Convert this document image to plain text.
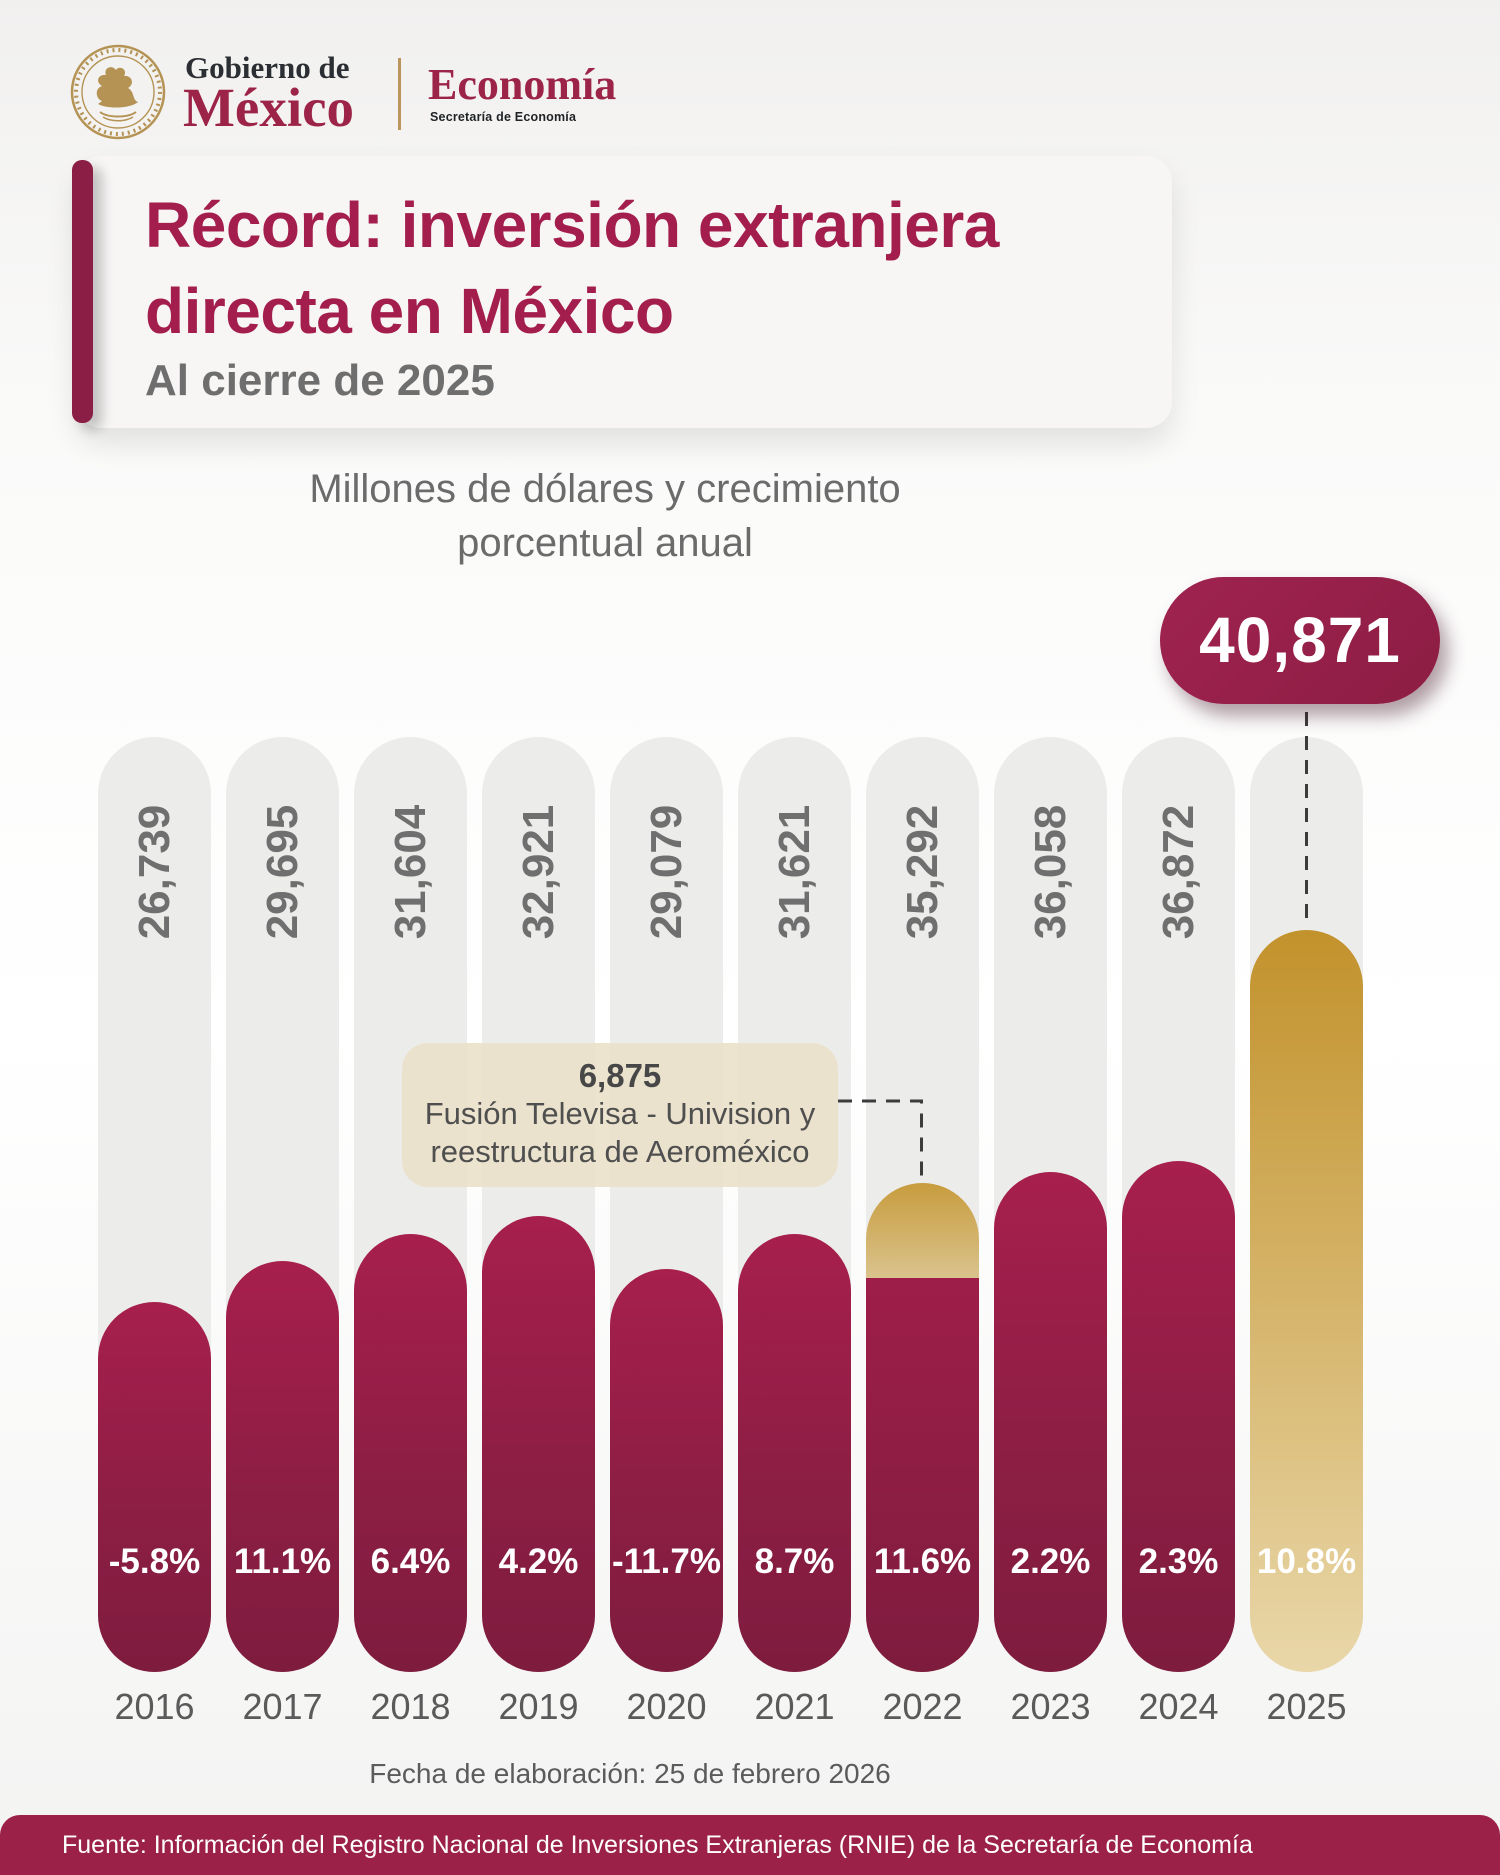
Gobierno de
México Economía
Secretaría de Economía
Récord: inversión extranjera
directa en México
Al cierre de 2025
Millones de dólares y crecimiento
porcentual anual
26,739
-5.8%
2016
29,695
11.1%
2017
31,604
6.4%
2018
32,921
4.2%
2019
29,079
-11.7%
2020
31,621
8.7%
2021
35,292
11.6%
2022
36,058
2.2%
2023
36,872
2.3%
2024
10.8%
2025
40,871
6,875
Fusión Televisa - Univision y
reestructura de Aeroméxico
Fecha de elaboración: 25 de febrero 2026
Fuente: Información del Registro Nacional de Inversiones Extranjeras (RNIE) de la Secretaría de Economía
